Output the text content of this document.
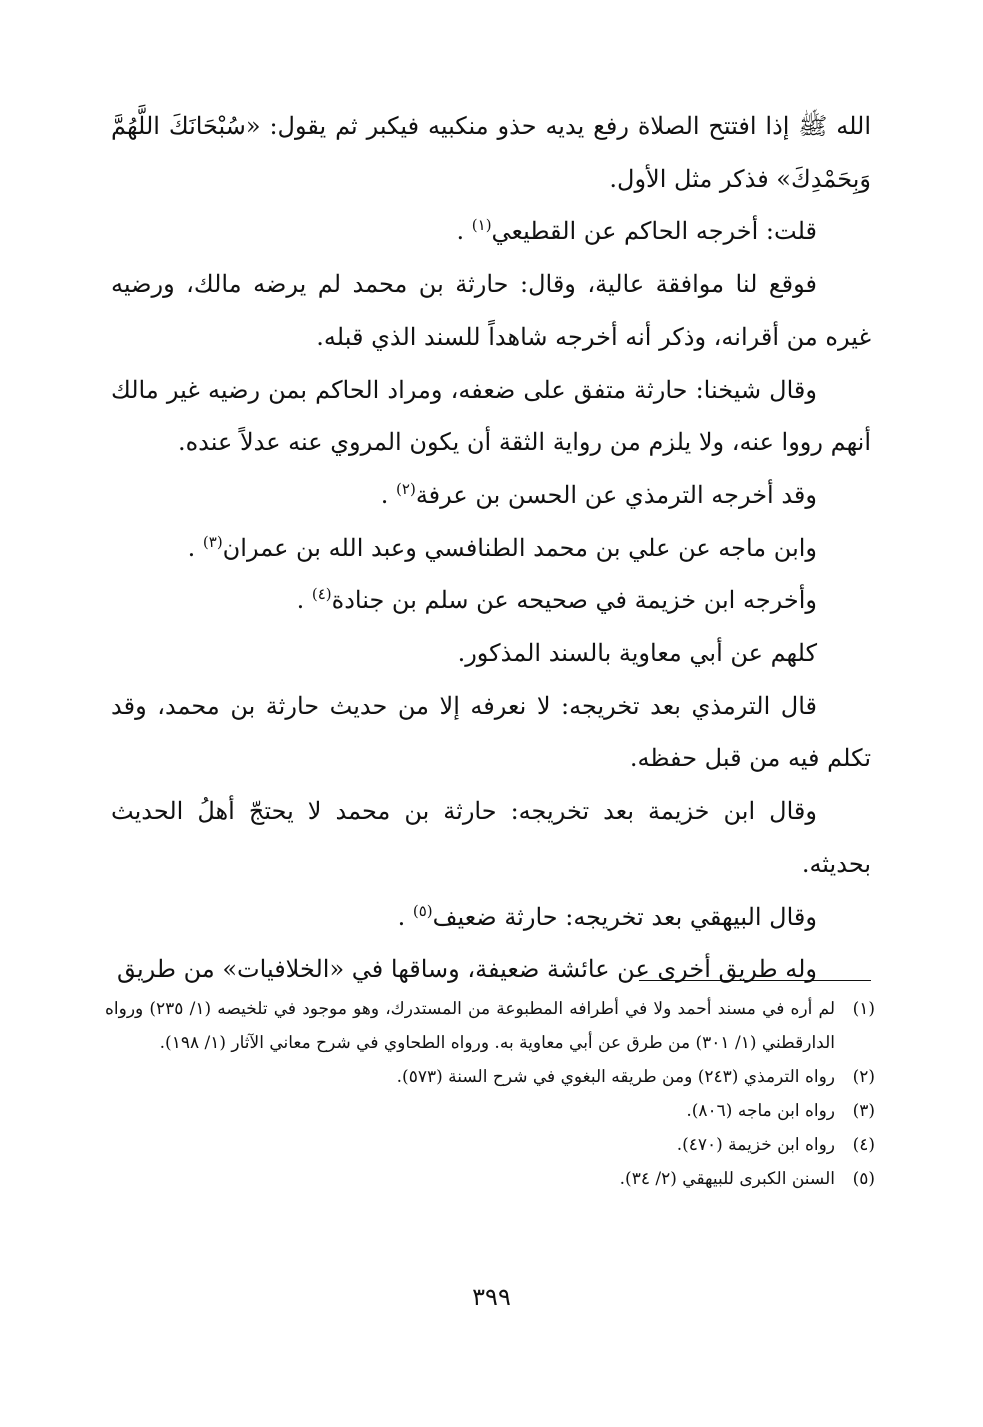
الله ﷺ إذا افتتح الصلاة رفع يديه حذو منكبيه فيكبر ثم يقول: «سُبْحَانَكَ اللَّهُمَّ وَبِحَمْدِكَ» فذكر مثل الأول.

قلت: أخرجه الحاكم عن القطيعي$^{(١)}$ .

فوقع لنا موافقة عالية، وقال: حارثة بن محمد لم يرضه مالك، ورضيه غيره من أقرانه، وذكر أنه أخرجه شاهداً للسند الذي قبله.

وقال شيخنا: حارثة متفق على ضعفه، ومراد الحاكم بمن رضيه غير مالك أنهم رووا عنه، ولا يلزم من رواية الثقة أن يكون المروي عنه عدلاً عنده.

وقد أخرجه الترمذي عن الحسن بن عرفة$^{(٢)}$ .

وابن ماجه عن علي بن محمد الطنافسي وعبد الله بن عمران$^{(٣)}$ .

وأخرجه ابن خزيمة في صحيحه عن سلم بن جنادة$^{(٤)}$ .

كلهم عن أبي معاوية بالسند المذكور.

قال الترمذي بعد تخريجه: لا نعرفه إلا من حديث حارثة بن محمد، وقد تكلم فيه من قبل حفظه.

وقال ابن خزيمة بعد تخريجه: حارثة بن محمد لا يحتجّ أهلُ الحديث بحديثه.

وقال البيهقي بعد تخريجه: حارثة ضعيف$^{(٥)}$ .

وله طريق أخرى عن عائشة ضعيفة، وساقها في «الخلافيات» من طريق

(١)
لم أره في مسند أحمد ولا في أطرافه المطبوعة من المستدرك، وهو موجود في تلخيصه (١/ ٢٣٥) ورواه الدارقطني (١/ ٣٠١) من طرق عن أبي معاوية به. ورواه الطحاوي في شرح معاني الآثار (١/ ١٩٨).
(٢)
رواه الترمذي (٢٤٣) ومن طريقه البغوي في شرح السنة (٥٧٣).
(٣)
رواه ابن ماجه (٨٠٦).
(٤)
رواه ابن خزيمة (٤٧٠).
(٥)
السنن الكبرى للبيهقي (٢/ ٣٤).
٣٩٩
